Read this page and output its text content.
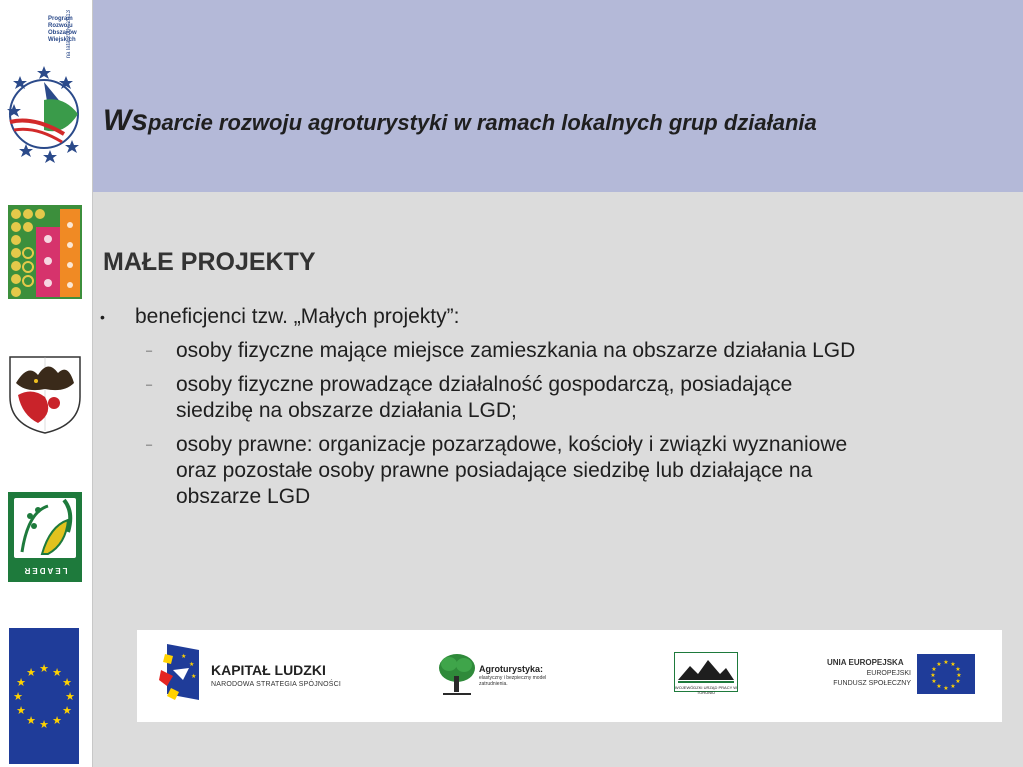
Program
Rozwoju
Obszarów
Wiejskich
na lata 2007-2013
LEADER
★ ★
★
★
★
★
★
★
★
★
★
★
Wsparcie rozwoju agroturystyki w ramach lokalnych grup działania
MAŁE PROJEKTY
• beneficjenci tzw. „Małych projekty”:
– osoby fizyczne mające miejsce zamieszkania na obszarze działania LGD
– osoby fizyczne prowadzące działalność gospodarczą, posiadające siedzibę na obszarze działania LGD;
– osoby prawne: organizacje pozarządowe, kościoły i związki wyznaniowe oraz pozostałe osoby prawne posiadające siedzibę lub działające na obszarze LGD
★
★
★ KAPITAŁ LUDZKI
NARODOWA STRATEGIA SPÓJNOŚCI
Agroturystyka:
elastyczny i bezpieczny model zatrudnienia.
WOJEWÓDZKI URZĄD PRACY W TORUNIU
UNIA EUROPEJSKA
EUROPEJSKI
FUNDUSZ SPOŁECZNY
★ ★
★
★
★
★
★
★
★
★
★
★
